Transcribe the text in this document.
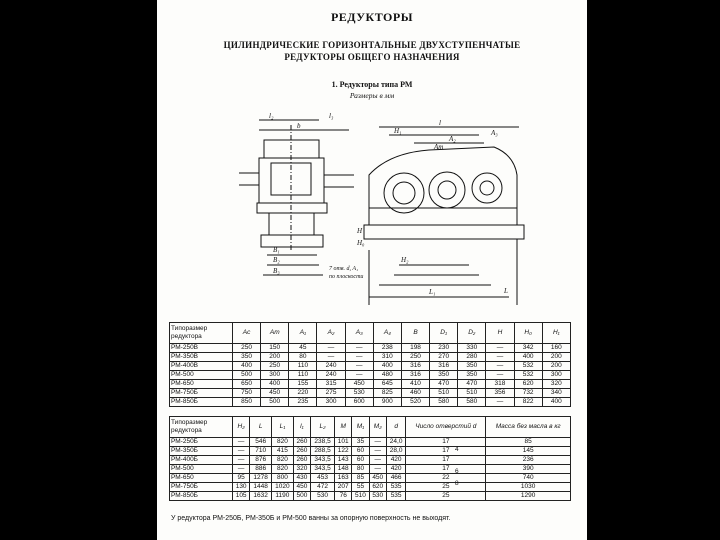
РЕДУКТОРЫ
ЦИЛИНДРИЧЕСКИЕ ГОРИЗОНТАЛЬНЫЕ ДВУХСТУПЕНЧАТЫЕ
РЕДУКТОРЫ ОБЩЕГО НАЗНАЧЕНИЯ
1. Редукторы типа РМ
Размеры в мм
l₂	l₃
b	l
H₁
A₂
A₃
Aт
H
H₀
B₁
B₂
B₃
H₂
L₁	L
7 отв. d, A₁
по плоскости
Типоразмер редуктора	Aс	Aт	A₁	A₂	A₃	A₄	B	D₁	D₂	H	H₀	H₁
РМ-250В	250	150	45	—	—	238	198	230	330	—	342	160
РМ-350В	350	200	80	—	—	310	250	270	280	—	400	200
РМ-400В	400	250	110	240	—	400	316	316	350	—	532	200
РМ-500	500	300	110	240	—	480	316	350	350	—	532	300
РМ-650	650	400	155	315	450	645	410	470	470	318	620	320
РМ-750Б	750	450	220	275	530	825	460	510	510	356	732	340
РМ-850Б	850	500	235	300	600	900	520	580	580	—	822	400
Типоразмер редуктора	H₂	L	L₁	l₁	L₂	M	M₁	M₂	d	Число отверстий d	Масса без масла в кг
РМ-250Б	—	546	820	260	238,5	101	35	—	24,0	17	85
РМ-350Б	—	710	415	260	288,5	122	60	—	28,0	17	145
РМ-400Б	—	876	820	260	343,5	143	60	—	420	17	236
РМ-500	—	886	820	320	343,5	148	80	—	420	17	390
РМ-650	95	1278	800	430	453	163	85	450	466	22	740
РМ-750Б	130	1448	1020	450	472	207	55	620	535	25	1030
РМ-850Б	105	1632	1190	500	530	76	510	530	535	25	1290
4
6
8
У редуктора РМ-250Б, РМ-350Б и РМ-500 ванны за опорную поверхность не выходят.
